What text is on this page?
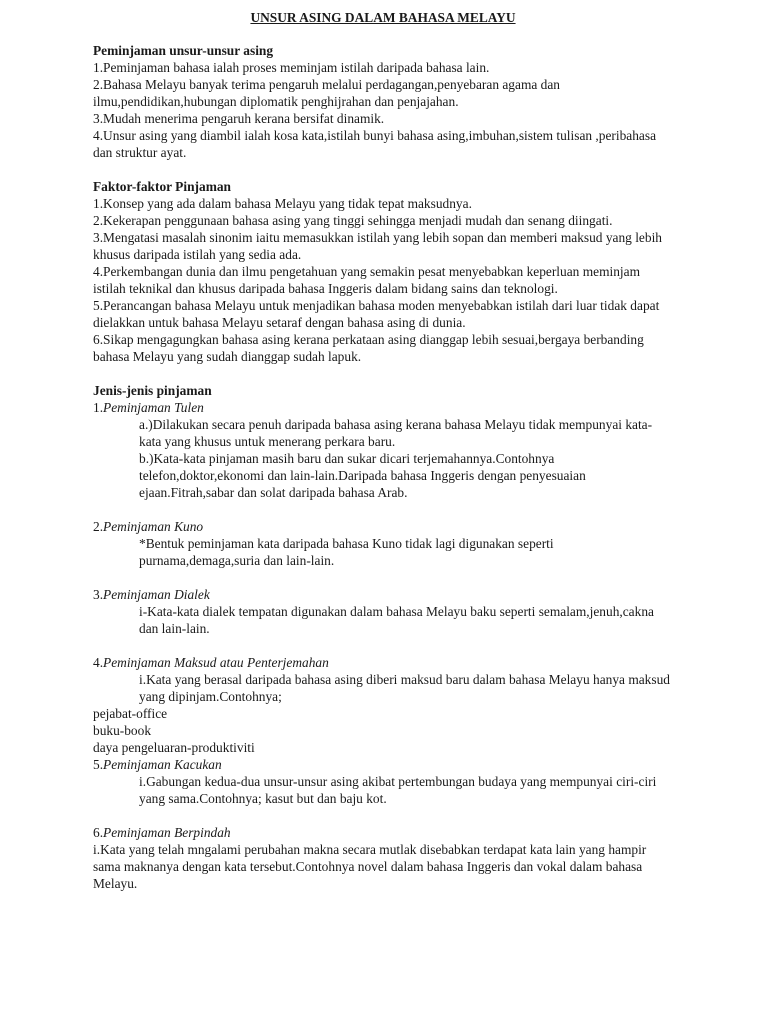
UNSUR ASING DALAM BAHASA MELAYU
Peminjaman unsur-unsur asing

1.Peminjaman bahasa ialah proses meminjam istilah daripada bahasa lain.

2.Bahasa Melayu banyak terima pengaruh melalui perdagangan,penyebaran agama dan ilmu,pendidikan,hubungan diplomatik penghijrahan dan penjajahan.

3.Mudah menerima pengaruh kerana bersifat dinamik.

4.Unsur asing yang diambil ialah kosa kata,istilah bunyi bahasa asing,imbuhan,sistem tulisan ,peribahasa dan struktur ayat.

Faktor-faktor Pinjaman

1.Konsep yang ada dalam bahasa Melayu yang tidak tepat maksudnya.

2.Kekerapan penggunaan bahasa asing yang tinggi sehingga menjadi mudah dan senang diingati.

3.Mengatasi masalah sinonim iaitu memasukkan istilah yang lebih sopan dan memberi maksud yang lebih khusus daripada istilah yang sedia ada.

4.Perkembangan dunia dan ilmu pengetahuan yang semakin pesat menyebabkan keperluan meminjam istilah teknikal dan khusus daripada bahasa Inggeris dalam bidang sains dan teknologi.

5.Perancangan bahasa Melayu untuk menjadikan bahasa moden menyebabkan istilah dari luar tidak dapat dielakkan untuk bahasa Melayu setaraf dengan bahasa asing di dunia.

6.Sikap mengagungkan bahasa asing kerana perkataan asing dianggap lebih sesuai,bergaya berbanding bahasa Melayu yang sudah dianggap sudah lapuk.

Jenis-jenis pinjaman
1.Peminjaman Tulen

a.)Dilakukan secara penuh daripada bahasa asing kerana bahasa Melayu tidak mempunyai kata-kata yang khusus untuk menerang perkara baru.

b.)Kata-kata pinjaman masih baru dan sukar dicari terjemahannya.Contohnya telefon,doktor,ekonomi dan lain-lain.Daripada bahasa Inggeris dengan penyesuaian ejaan.Fitrah,sabar dan solat daripada bahasa Arab.

2.Peminjaman Kuno

*Bentuk peminjaman kata daripada bahasa Kuno tidak lagi digunakan seperti purnama,demaga,suria dan lain-lain.

3.Peminjaman Dialek

i-Kata-kata dialek tempatan digunakan dalam bahasa Melayu baku seperti semalam,jenuh,cakna dan lain-lain.

4.Peminjaman Maksud atau Penterjemahan

i.Kata yang berasal daripada bahasa asing diberi maksud baru dalam bahasa Melayu hanya maksud yang dipinjam.Contohnya;

pejabat-office

buku-book

daya pengeluaran-produktiviti

5.Peminjaman Kacukan

i.Gabungan kedua-dua unsur-unsur asing akibat pertembungan budaya yang mempunyai ciri-ciri yang sama.Contohnya; kasut but dan baju kot.

6.Peminjaman Berpindah

i.Kata yang telah mngalami perubahan makna secara mutlak disebabkan terdapat kata lain yang hampir sama maknanya dengan kata tersebut.Contohnya novel dalam bahasa Inggeris dan vokal dalam bahasa Melayu.
